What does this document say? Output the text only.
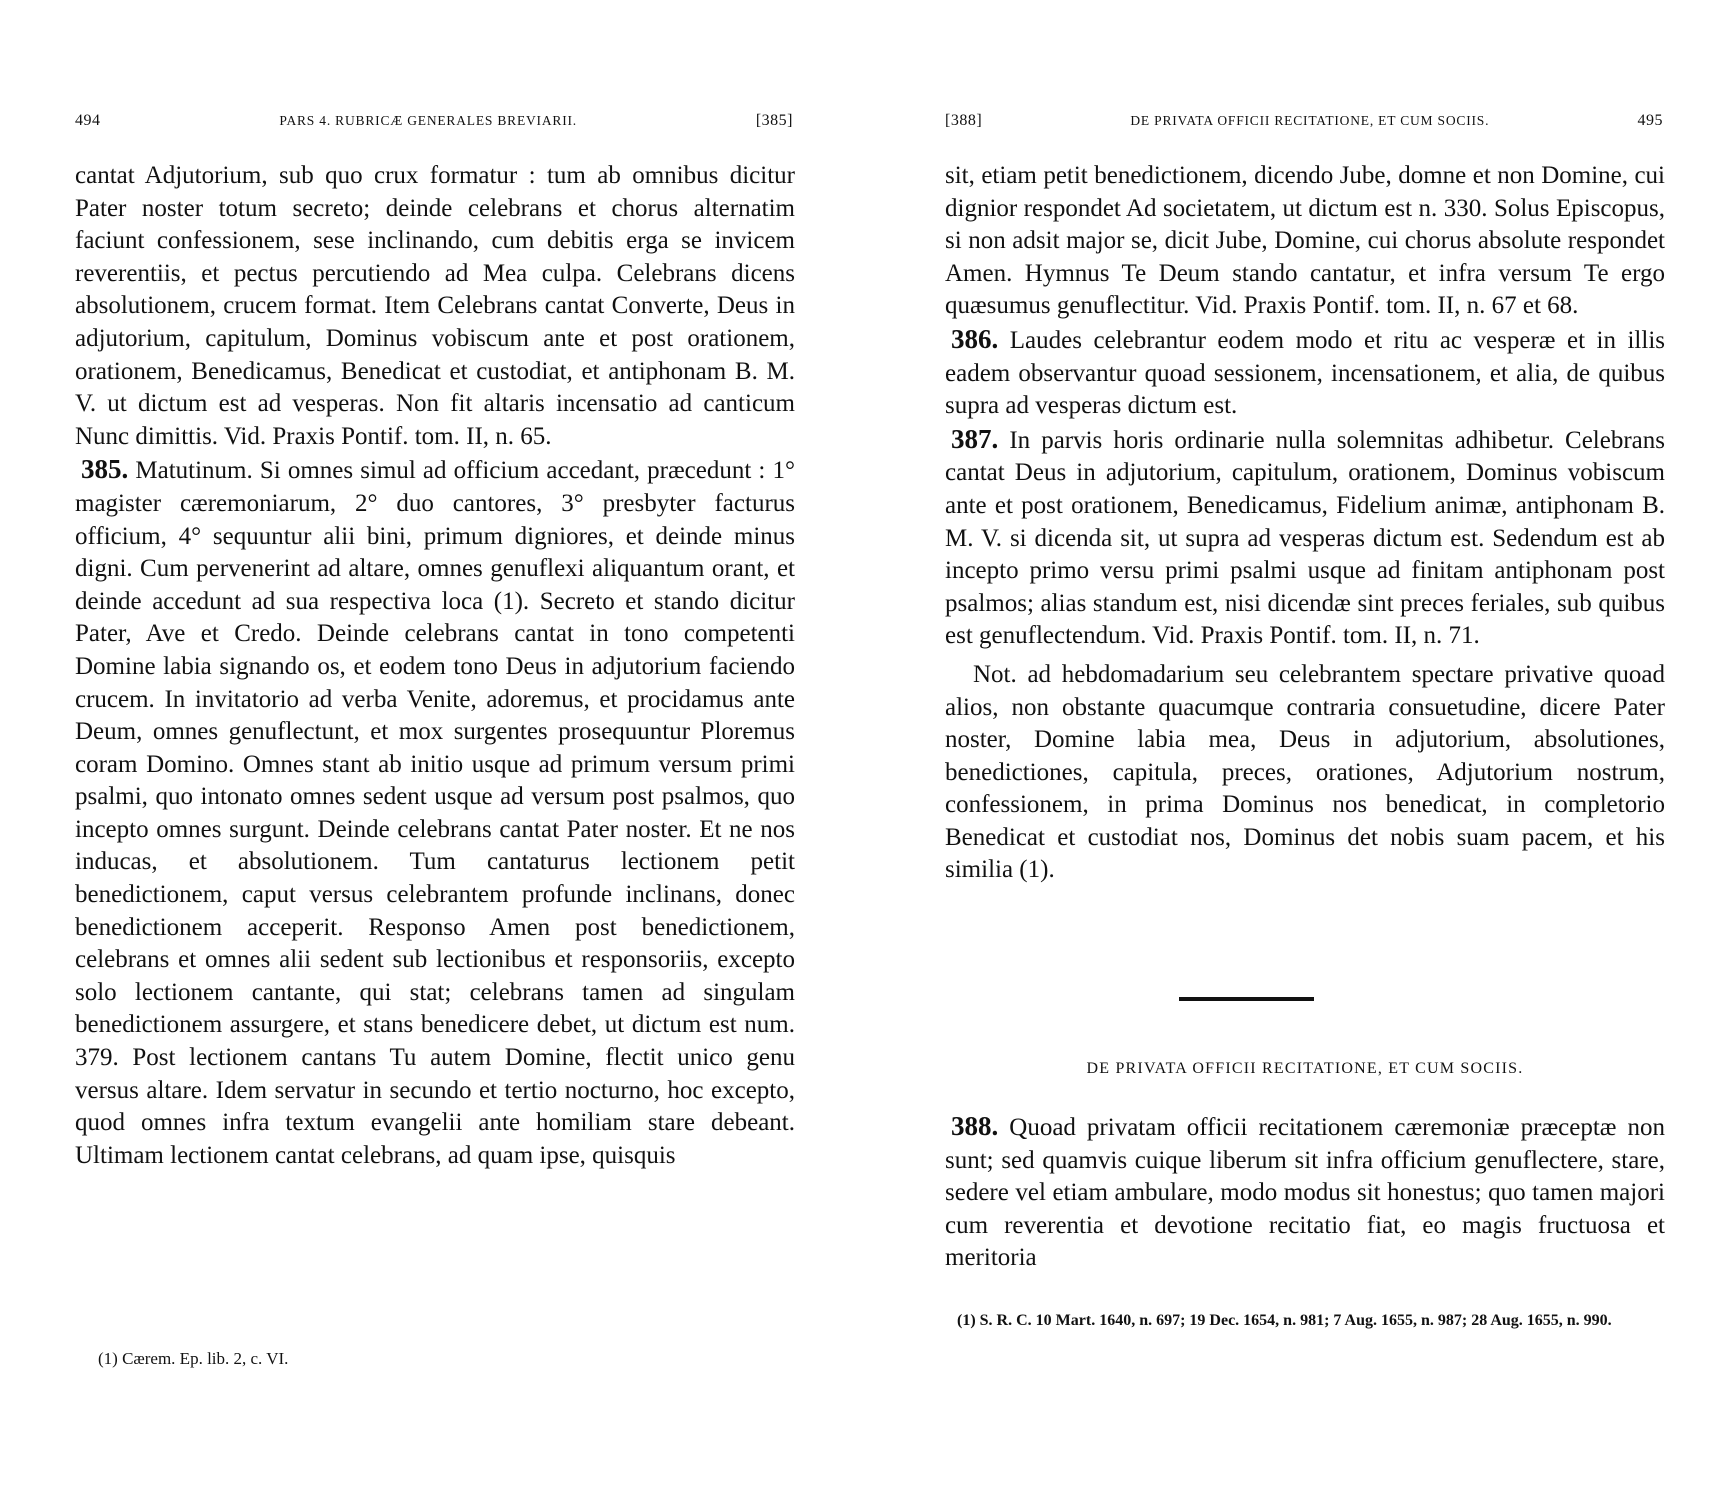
494	PARS 4. RUBRICÆ GENERALES BREVIARII.	[385]

cantat Adjutorium, sub quo crux formatur : tum ab omnibus dicitur Pater noster totum secreto; deinde celebrans et chorus alternatim faciunt confessionem, sese inclinando, cum debitis erga se invicem reverentiis, et pectus percutiendo ad Mea culpa. Celebrans dicens absolutionem, crucem format. Item Celebrans cantat Converte, Deus in adjutorium, capitulum, Dominus vobiscum ante et post orationem, orationem, Benedicamus, Benedicat et custodiat, et antiphonam B. M. V. ut dictum est ad vesperas. Non fit altaris incensatio ad canticum Nunc dimittis. Vid. Praxis Pontif. tom. II, n. 65.

385. Matutinum. Si omnes simul ad officium accedant, præcedunt : 1° magister cæremoniarum, 2° duo cantores, 3° presbyter facturus officium, 4° sequuntur alii bini, primum digniores, et deinde minus digni. Cum pervenerint ad altare, omnes genuflexi aliquantum orant, et deinde accedunt ad sua respectiva loca (1). Secreto et stando dicitur Pater, Ave et Credo. Deinde celebrans cantat in tono competenti Domine labia signando os, et eodem tono Deus in adjutorium faciendo crucem. In invitatorio ad verba Venite, adoremus, et procidamus ante Deum, omnes genuflectunt, et mox surgentes prosequuntur Ploremus coram Domino. Omnes stant ab initio usque ad primum versum primi psalmi, quo intonato omnes sedent usque ad versum post psalmos, quo incepto omnes surgunt. Deinde celebrans cantat Pater noster. Et ne nos inducas, et absolutionem. Tum cantaturus lectionem petit benedictionem, caput versus celebrantem profunde inclinans, donec benedictionem acceperit. Responso Amen post benedictionem, celebrans et omnes alii sedent sub lectionibus et responsoriis, excepto solo lectionem cantante, qui stat; celebrans tamen ad singulam benedictionem assurgere, et stans benedicere debet, ut dictum est num. 379. Post lectionem cantans Tu autem Domine, flectit unico genu versus altare. Idem servatur in secundo et tertio nocturno, hoc excepto, quod omnes infra textum evangelii ante homiliam stare debeant. Ultimam lectionem cantat celebrans, ad quam ipse, quisquis

(1) Cærem. Ep. lib. 2, c. VI.
[388]	DE PRIVATA OFFICII RECITATIONE, ET CUM SOCIIS.	495

sit, etiam petit benedictionem, dicendo Jube, domne et non Domine, cui dignior respondet Ad societatem, ut dictum est n. 330. Solus Episcopus, si non adsit major se, dicit Jube, Domine, cui chorus absolute respondet Amen. Hymnus Te Deum stando cantatur, et infra versum Te ergo quæsumus genuflectitur. Vid. Praxis Pontif. tom. II, n. 67 et 68.

386. Laudes celebrantur eodem modo et ritu ac vesperæ et in illis eadem observantur quoad sessionem, incensationem, et alia, de quibus supra ad vesperas dictum est.

387. In parvis horis ordinarie nulla solemnitas adhibetur. Celebrans cantat Deus in adjutorium, capitulum, orationem, Dominus vobiscum ante et post orationem, Benedicamus, Fidelium animæ, antiphonam B. M. V. si dicenda sit, ut supra ad vesperas dictum est. Sedendum est ab incepto primo versu primi psalmi usque ad finitam antiphonam post psalmos; alias standum est, nisi dicendæ sint preces feriales, sub quibus est genuflectendum. Vid. Praxis Pontif. tom. II, n. 71.

Not. ad hebdomadarium seu celebrantem spectare privative quoad alios, non obstante quacumque contraria consuetudine, dicere Pater noster, Domine labia mea, Deus in adjutorium, absolutiones, benedictiones, capitula, preces, orationes, Adjutorium nostrum, confessionem, in prima Dominus nos benedicat, in completorio Benedicat et custodiat nos, Dominus det nobis suam pacem, et his similia (1).

DE PRIVATA OFFICII RECITATIONE, ET CUM SOCIIS.

388. Quoad privatam officii recitationem cæremoniæ præceptæ non sunt; sed quamvis cuique liberum sit infra officium genuflectere, stare, sedere vel etiam ambulare, modo modus sit honestus; quo tamen majori cum reverentia et devotione recitatio fiat, eo magis fructuosa et meritoria

(1) S. R. C. 10 Mart. 1640, n. 697; 19 Dec. 1654, n. 981; 7 Aug. 1655, n. 987; 28 Aug. 1655, n. 990.
